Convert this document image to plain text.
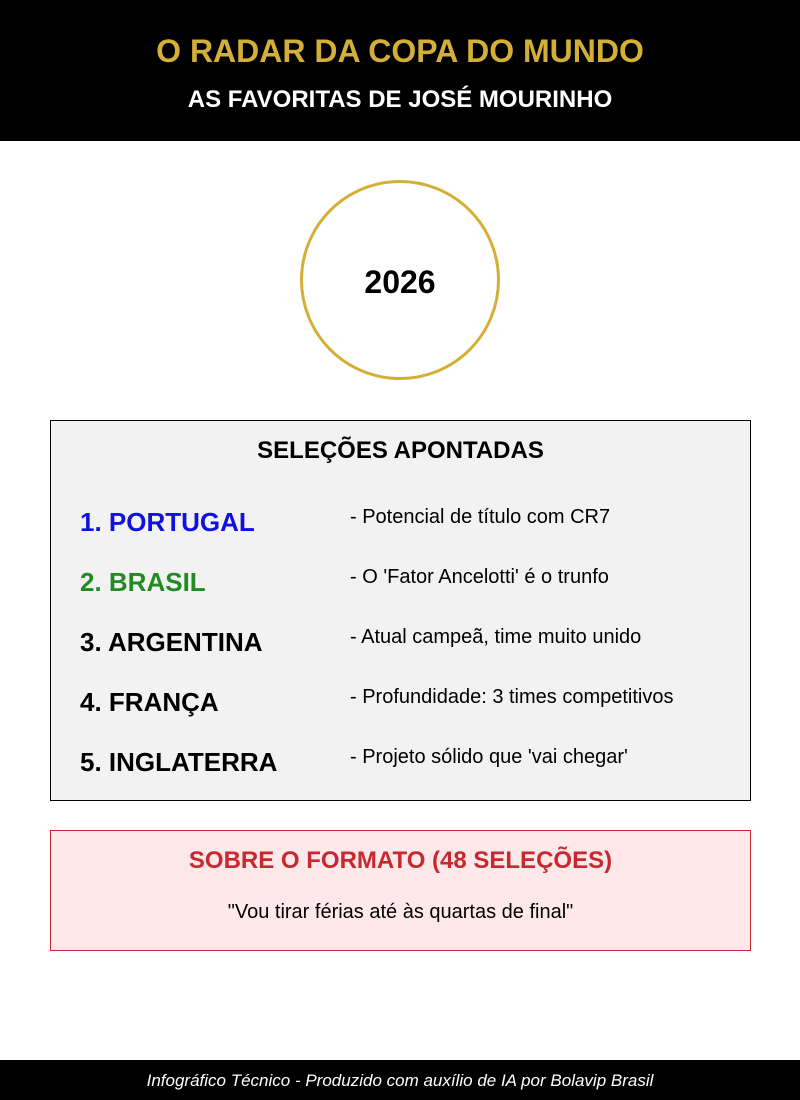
O RADAR DA COPA DO MUNDO
AS FAVORITAS DE JOSÉ MOURINHO
2026
SELEÇÕES APONTADAS
1. PORTUGAL	- Potencial de título com CR7
2. BRASIL	- O 'Fator Ancelotti' é o trunfo
3. ARGENTINA	- Atual campeã, time muito unido
4. FRANÇA	- Profundidade: 3 times competitivos
5. INGLATERRA	- Projeto sólido que 'vai chegar'
SOBRE O FORMATO (48 SELEÇÕES)
"Vou tirar férias até às quartas de final"
Infográfico Técnico - Produzido com auxílio de IA por Bolavip Brasil
